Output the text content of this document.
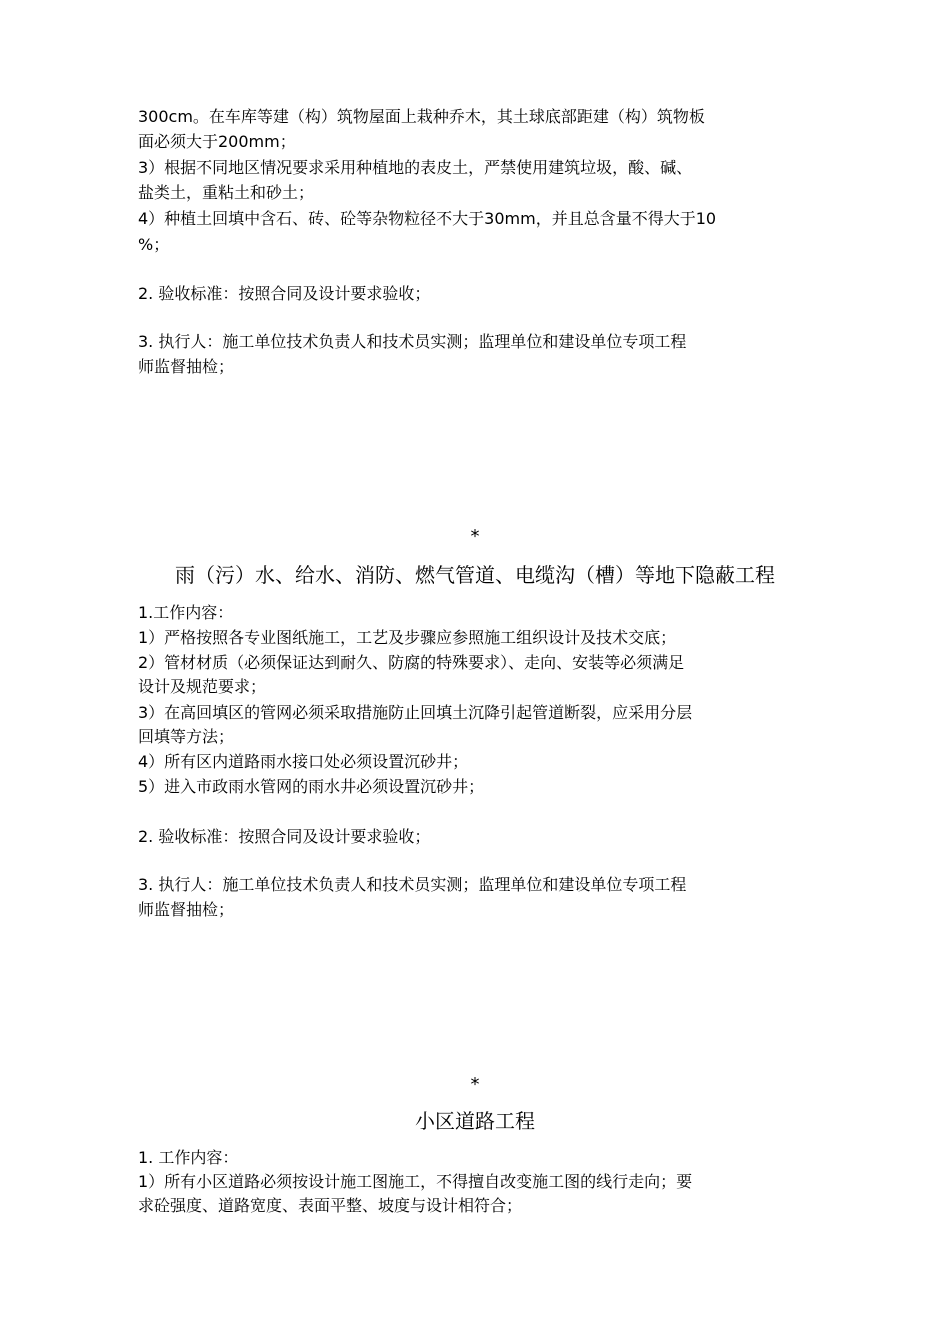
300cm。在车库等建（构）筑物屋面上栽种乔木，其土球底部距建（构）筑物板
面必须大于200mm；
3）根据不同地区情况要求采用种植地的表皮土，严禁使用建筑垃圾，酸、碱、
盐类土，重粘土和砂土；
4）种植土回填中含石、砖、砼等杂物粒径不大于30mm，并且总含量不得大于10
%；
2. 验收标准：按照合同及设计要求验收；
3. 执行人：施工单位技术负责人和技术员实测；监理单位和建设单位专项工程
师监督抽检；
*
雨（污）水、给水、消防、燃气管道、电缆沟（槽）等地下隐蔽工程
1.工作内容：
1）严格按照各专业图纸施工，工艺及步骤应参照施工组织设计及技术交底；
2）管材材质（必须保证达到耐久、防腐的特殊要求）、走向、安装等必须满足
设计及规范要求；
3）在高回填区的管网必须采取措施防止回填土沉降引起管道断裂，应采用分层
回填等方法；
4）所有区内道路雨水接口处必须设置沉砂井；
5）进入市政雨水管网的雨水井必须设置沉砂井；
2. 验收标准：按照合同及设计要求验收；
3. 执行人：施工单位技术负责人和技术员实测；监理单位和建设单位专项工程
师监督抽检；
*
小区道路工程
1. 工作内容：
1）所有小区道路必须按设计施工图施工，不得擅自改变施工图的线行走向；要
求砼强度、道路宽度、表面平整、坡度与设计相符合；
